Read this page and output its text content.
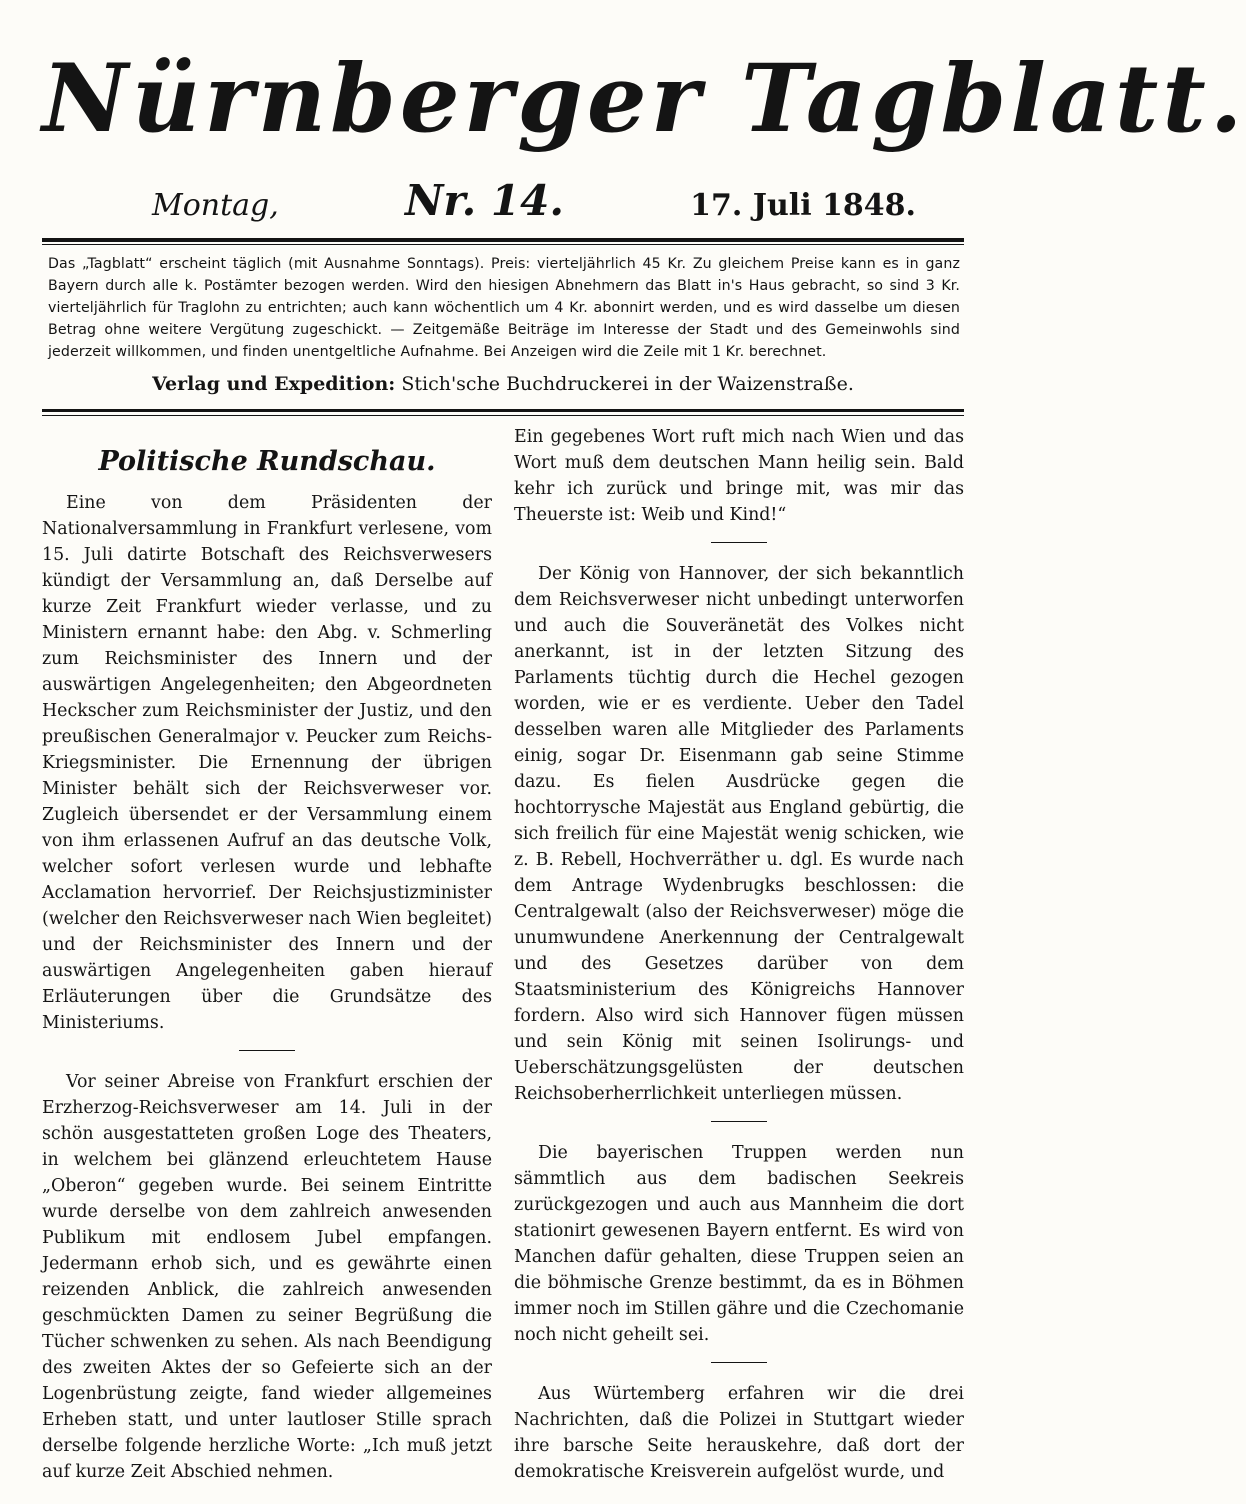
Nürnberger Tagblatt.
Montag,	Nr. 14.	17. Juli 1848.

Das „Tagblatt“ erscheint täglich (mit Ausnahme Sonntags). Preis: vierteljährlich 45 Kr. Zu gleichem Preise kann es in ganz Bayern durch alle k. Postämter bezogen werden. Wird den hiesigen Abnehmern das Blatt in's Haus gebracht, so sind 3 Kr. vierteljährlich für Traglohn zu entrichten; auch kann wöchentlich um 4 Kr. abonnirt werden, und es wird dasselbe um diesen Betrag ohne weitere Vergütung zugeschickt. — Zeitgemäße Beiträge im Interesse der Stadt und des Gemeinwohls sind jederzeit willkommen, und finden unentgeltliche Aufnahme. Bei Anzeigen wird die Zeile mit 1 Kr. berechnet.

Verlag und Expedition: Stich'sche Buchdruckerei in der Waizenstraße.
Politische Rundschau.

Eine von dem Präsidenten der Nationalversammlung in Frankfurt verlesene, vom 15. Juli datirte Botschaft des Reichsverwesers kündigt der Versammlung an, daß Derselbe auf kurze Zeit Frankfurt wieder verlasse, und zu Ministern ernannt habe: den Abg. v. Schmerling zum Reichsminister des Innern und der auswärtigen Angelegenheiten; den Abgeordneten Heckscher zum Reichsminister der Justiz, und den preußischen Generalmajor v. Peucker zum Reichs-Kriegsminister. Die Ernennung der übrigen Minister behält sich der Reichsverweser vor. Zugleich übersendet er der Versammlung einem von ihm erlassenen Aufruf an das deutsche Volk, welcher sofort verlesen wurde und lebhafte Acclamation hervorrief. Der Reichsjustizminister (welcher den Reichsverweser nach Wien begleitet) und der Reichsminister des Innern und der auswärtigen Angelegenheiten gaben hierauf Erläuterungen über die Grundsätze des Ministeriums.

Vor seiner Abreise von Frankfurt erschien der Erzherzog-Reichsverweser am 14. Juli in der schön ausgestatteten großen Loge des Theaters, in welchem bei glänzend erleuchtetem Hause „Oberon“ gegeben wurde. Bei seinem Eintritte wurde derselbe von dem zahlreich anwesenden Publikum mit endlosem Jubel empfangen. Jedermann erhob sich, und es gewährte einen reizenden Anblick, die zahlreich anwesenden geschmückten Damen zu seiner Begrüßung die Tücher schwenken zu sehen. Als nach Beendigung des zweiten Aktes der so Gefeierte sich an der Logenbrüstung zeigte, fand wieder allgemeines Erheben statt, und unter lautloser Stille sprach derselbe folgende herzliche Worte: „Ich muß jetzt auf kurze Zeit Abschied nehmen.

Ein gegebenes Wort ruft mich nach Wien und das Wort muß dem deutschen Mann heilig sein. Bald kehr ich zurück und bringe mit, was mir das Theuerste ist: Weib und Kind!“

Der König von Hannover, der sich bekanntlich dem Reichsverweser nicht unbedingt unterworfen und auch die Souveränetät des Volkes nicht anerkannt, ist in der letzten Sitzung des Parlaments tüchtig durch die Hechel gezogen worden, wie er es verdiente. Ueber den Tadel desselben waren alle Mitglieder des Parlaments einig, sogar Dr. Eisenmann gab seine Stimme dazu. Es fielen Ausdrücke gegen die hochtorrysche Majestät aus England gebürtig, die sich freilich für eine Majestät wenig schicken, wie z. B. Rebell, Hochverräther u. dgl. Es wurde nach dem Antrage Wydenbrugks beschlossen: die Centralgewalt (also der Reichsverweser) möge die unumwundene Anerkennung der Centralgewalt und des Gesetzes darüber von dem Staatsministerium des Königreichs Hannover fordern. Also wird sich Hannover fügen müssen und sein König mit seinen Isolirungs- und Ueberschätzungsgelüsten der deutschen Reichsoberherrlichkeit unterliegen müssen.

Die bayerischen Truppen werden nun sämmtlich aus dem badischen Seekreis zurückgezogen und auch aus Mannheim die dort stationirt gewesenen Bayern entfernt. Es wird von Manchen dafür gehalten, diese Truppen seien an die böhmische Grenze bestimmt, da es in Böhmen immer noch im Stillen gähre und die Czechomanie noch nicht geheilt sei.

Aus Würtemberg erfahren wir die drei Nachrichten, daß die Polizei in Stuttgart wieder ihre barsche Seite herauskehre, daß dort der demokratische Kreisverein aufgelöst wurde, und
